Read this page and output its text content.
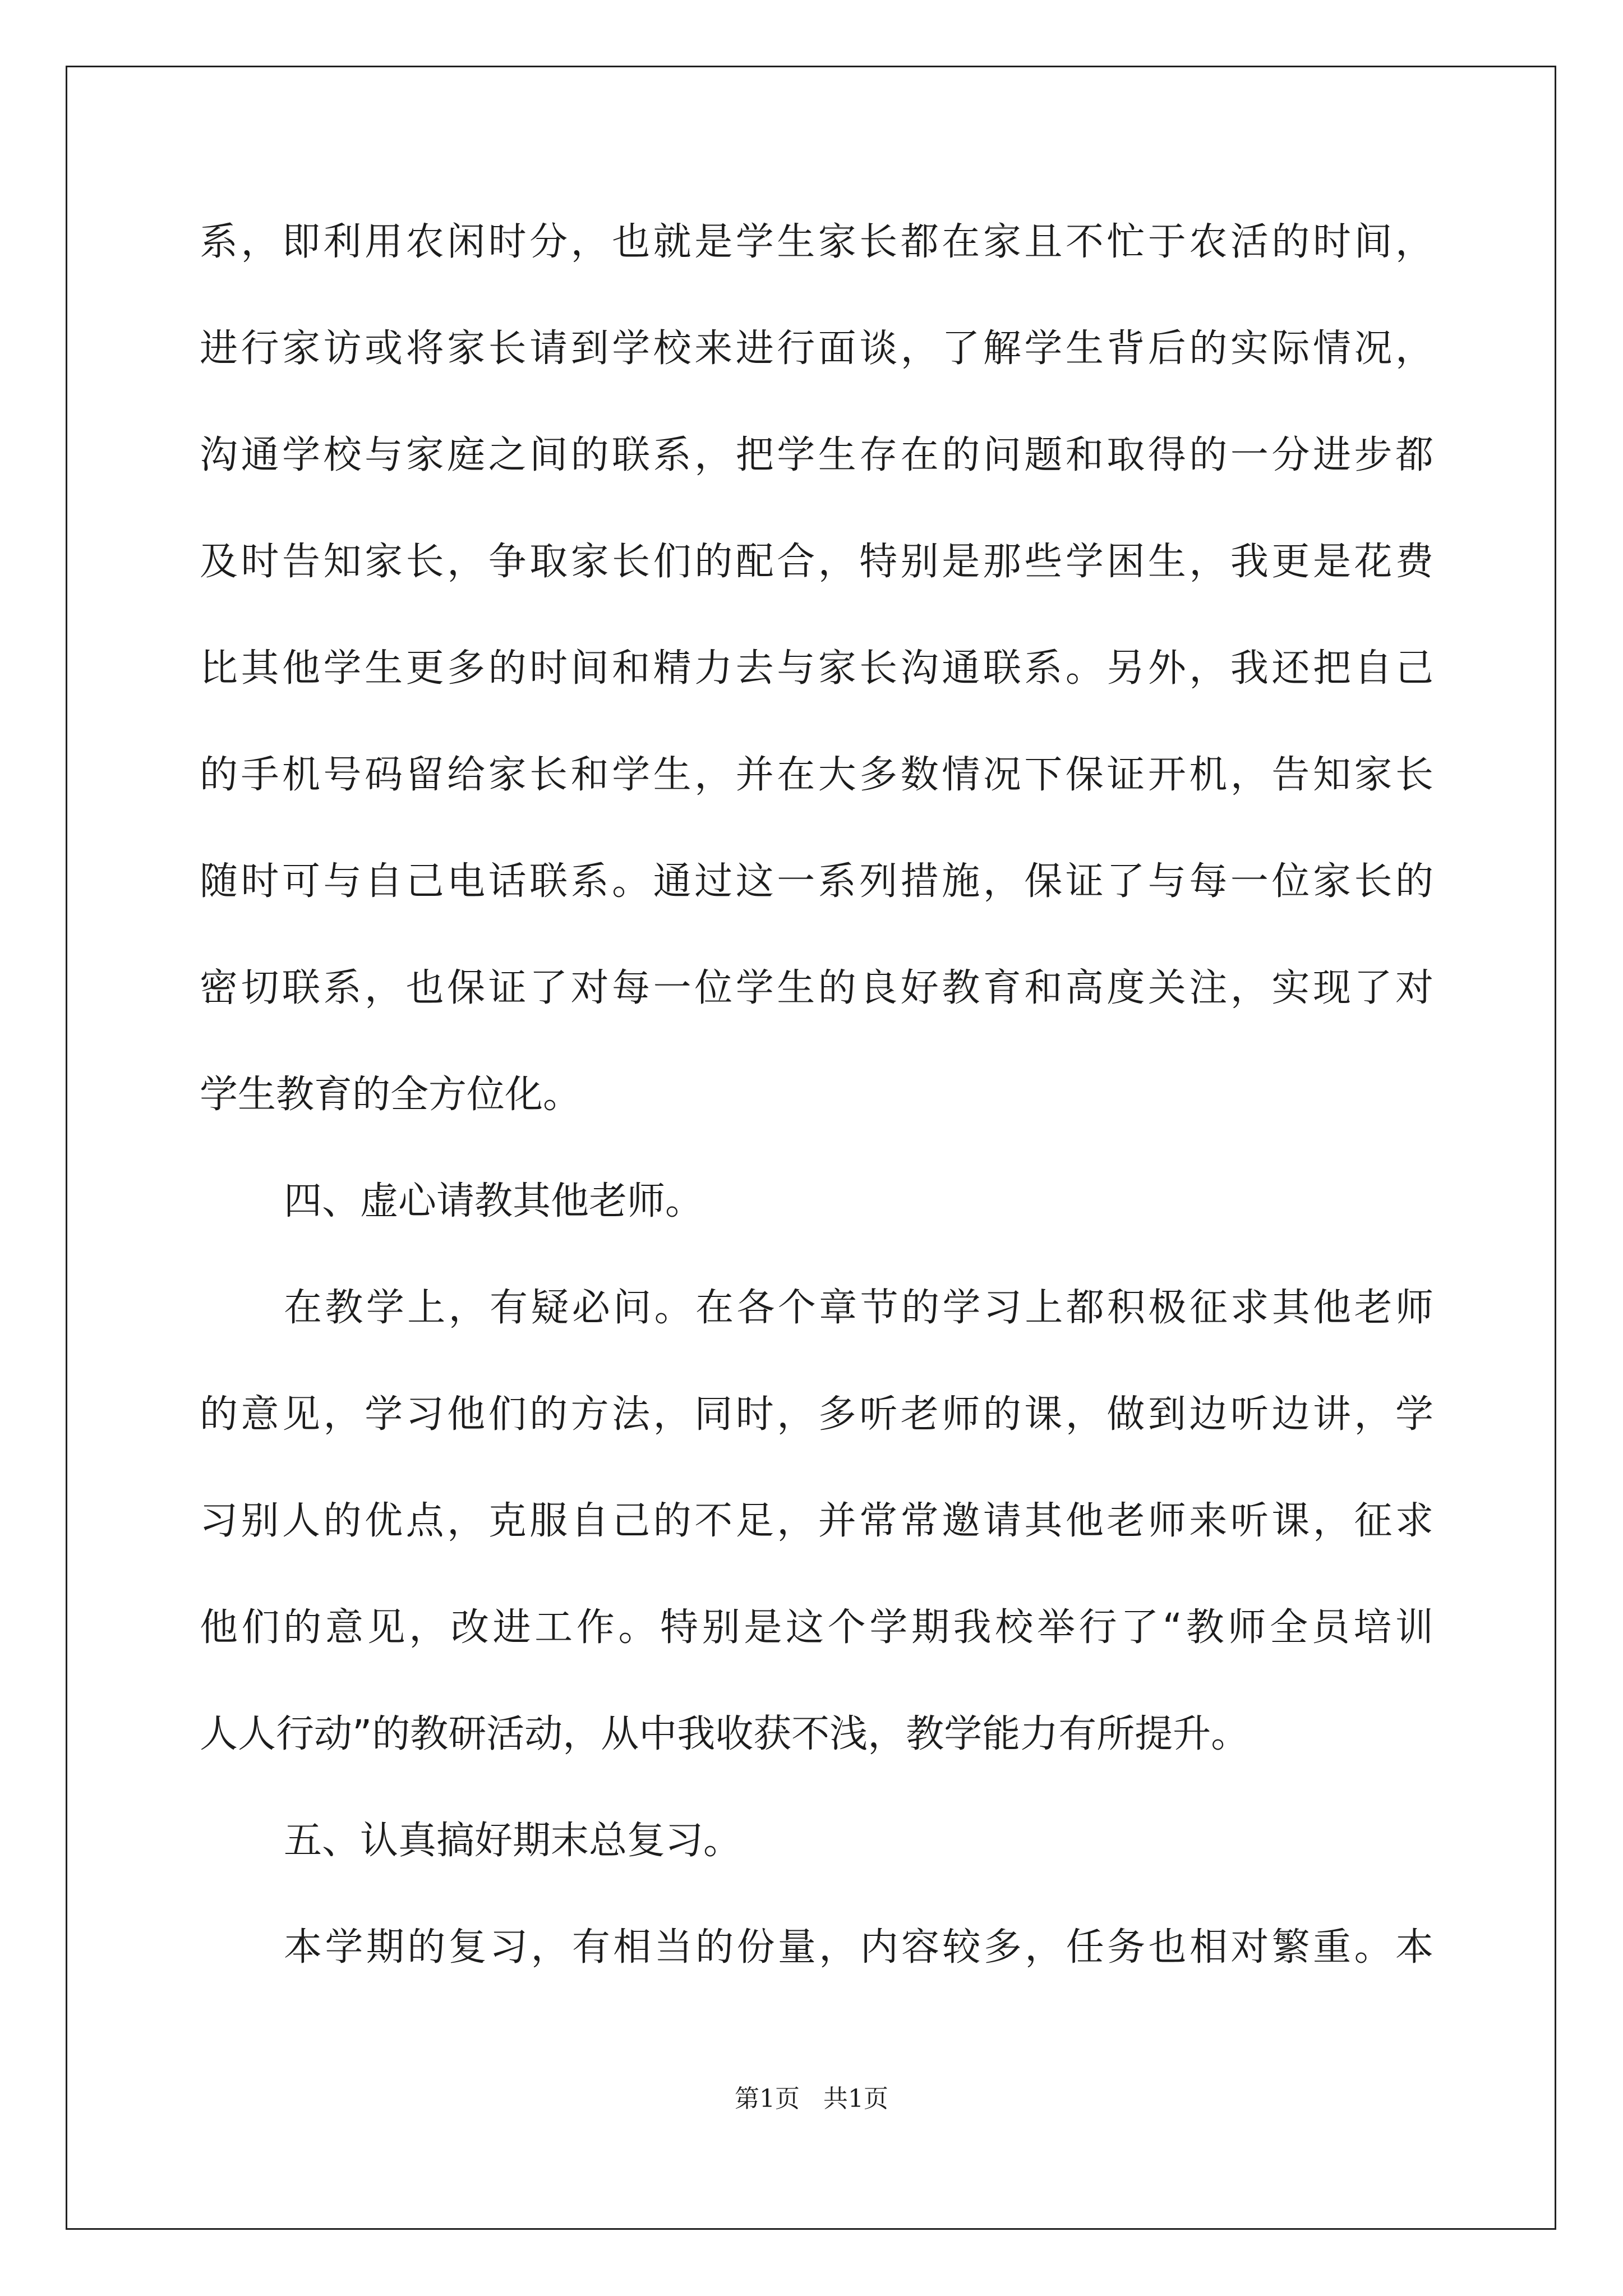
系，即利用农闲时分，也就是学生家长都在家且不忙于农活的时间，
进行家访或将家长请到学校来进行面谈，了解学生背后的实际情况，
沟通学校与家庭之间的联系，把学生存在的问题和取得的一分进步都
及时告知家长，争取家长们的配合，特别是那些学困生，我更是花费
比其他学生更多的时间和精力去与家长沟通联系。另外，我还把自己
的手机号码留给家长和学生，并在大多数情况下保证开机，告知家长
随时可与自己电话联系。通过这一系列措施，保证了与每一位家长的
密切联系，也保证了对每一位学生的良好教育和高度关注，实现了对
学生教育的全方位化。
四、虚心请教其他老师。
在教学上，有疑必问。在各个章节的学习上都积极征求其他老师
的意见，学习他们的方法，同时，多听老师的课，做到边听边讲，学
习别人的优点，克服自己的不足，并常常邀请其他老师来听课，征求
他们的意见，改进工作。特别是这个学期我校举行了“教师全员培训
人人行动”的教研活动，从中我收获不浅，教学能力有所提升。
五、认真搞好期末总复习。
本学期的复习，有相当的份量，内容较多，任务也相对繁重。本
第1页   共1页
